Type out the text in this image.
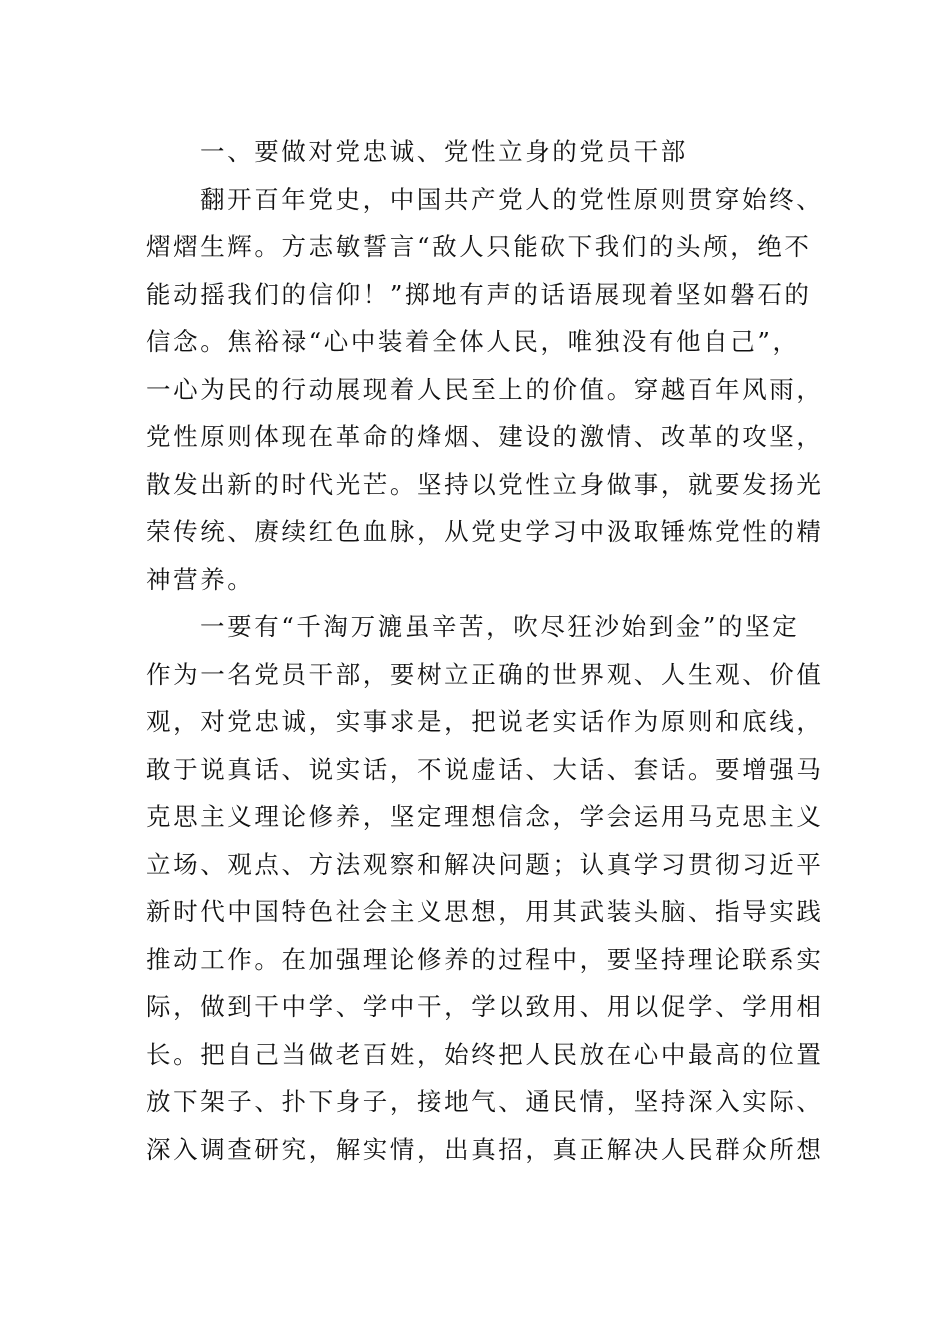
一、要做对党忠诚、党性立身的党员干部
翻开百年党史，中国共产党人的党性原则贯穿始终、
熠熠生辉。方志敏誓言“敌人只能砍下我们的头颅，绝不
能动摇我们的信仰！”掷地有声的话语展现着坚如磐石的
信念。焦裕禄“心中装着全体人民，唯独没有他自己”，
一心为民的行动展现着人民至上的价值。穿越百年风雨，
党性原则体现在革命的烽烟、建设的激情、改革的攻坚，
散发出新的时代光芒。坚持以党性立身做事，就要发扬光
荣传统、赓续红色血脉，从党史学习中汲取锤炼党性的精
神营养。
一要有“千淘万漉虽辛苦，吹尽狂沙始到金”的坚定
作为一名党员干部，要树立正确的世界观、人生观、价值
观，对党忠诚，实事求是，把说老实话作为原则和底线，
敢于说真话、说实话，不说虚话、大话、套话。要增强马
克思主义理论修养，坚定理想信念，学会运用马克思主义
立场、观点、方法观察和解决问题；认真学习贯彻习近平
新时代中国特色社会主义思想，用其武装头脑、指导实践
推动工作。在加强理论修养的过程中，要坚持理论联系实
际，做到干中学、学中干，学以致用、用以促学、学用相
长。把自己当做老百姓，始终把人民放在心中最高的位置
放下架子、扑下身子，接地气、通民情，坚持深入实际、
深入调查研究，解实情，出真招，真正解决人民群众所想
